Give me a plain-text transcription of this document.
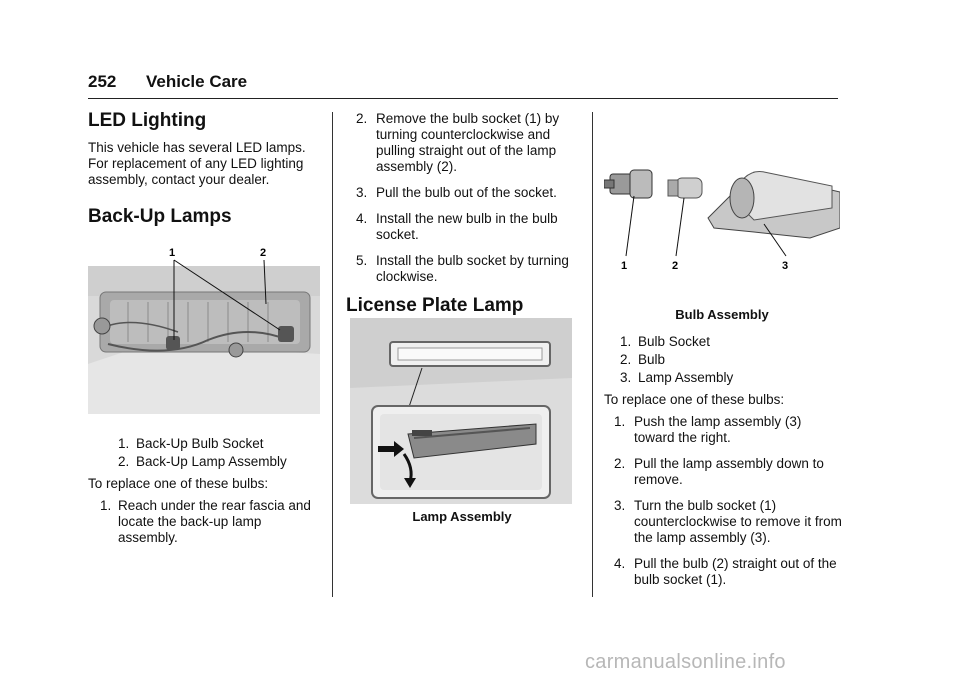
252 Vehicle Care
LED Lighting

This vehicle has several LED lamps. For replacement of any LED lighting assembly, contact your dealer.

Back-Up Lamps
1	2
1. Back-Up Bulb Socket
2. Back-Up Lamp Assembly

To replace one of these bulbs:

1. Reach under the rear fascia and locate the back-up lamp assembly.
2. Remove the bulb socket (1) by turning counterclockwise and pulling straight out of the lamp assembly (2).
3. Pull the bulb out of the socket.
4. Install the new bulb in the bulb socket.
5. Install the bulb socket by turning clockwise.
License Plate Lamp
Lamp Assembly
1	2	3
Bulb Assembly
1. Bulb Socket
2. Bulb
3. Lamp Assembly

To replace one of these bulbs:

1. Push the lamp assembly (3) toward the right.
2. Pull the lamp assembly down to remove.
3. Turn the bulb socket (1) counterclockwise to remove it from the lamp assembly (3).
4. Pull the bulb (2) straight out of the bulb socket (1).
carmanualsonline.info
